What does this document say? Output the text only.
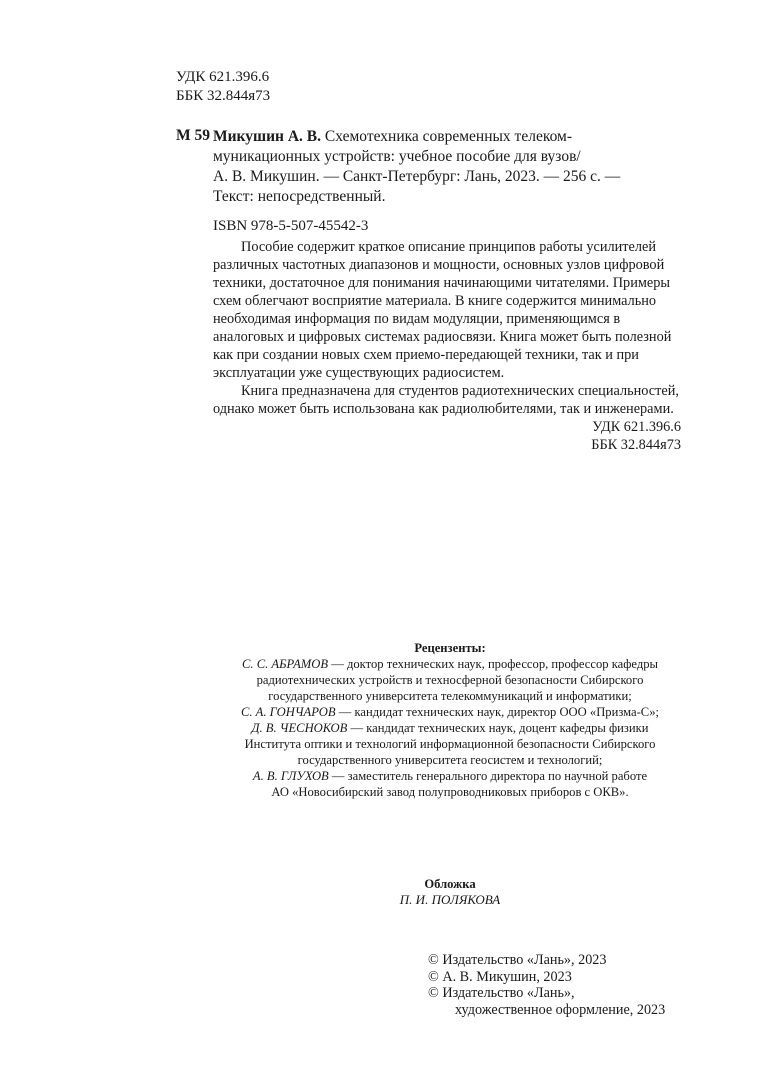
УДК 621.396.6
ББК 32.844я73
М 59 Микушин А. В. Схемотехника современных телеком-
муникационных устройств: учебное пособие для вузов/
А. В. Микушин. — Санкт-Петербург: Лань, 2023. — 256 с. —
Текст: непосредственный.
ISBN 978-5-507-45542-3
Пособие содержит краткое описание принципов работы усилителей
различных частотных диапазонов и мощности, основных узлов цифровой
техники, достаточное для понимания начинающими читателями. Примеры
схем облегчают восприятие материала. В книге содержится минимально
необходимая информация по видам модуляции, применяющимся в
аналоговых и цифровых системах радиосвязи. Книга может быть полезной
как при создании новых схем приемо-передающей техники, так и при
эксплуатации уже существующих радиосистем.
Книга предназначена для студентов радиотехнических специальностей,
однако может быть использована как радиолюбителями, так и инженерами.
УДК 621.396.6
ББК 32.844я73
Рецензенты:
С. С. АБРАМОВ — доктор технических наук, профессор, профессор кафедры
радиотехнических устройств и техносферной безопасности Сибирского
государственного университета телекоммуникаций и информатики;
С. А. ГОНЧАРОВ — кандидат технических наук, директор ООО «Призма-С»;
Д. В. ЧЕСНОКОВ — кандидат технических наук, доцент кафедры физики
Института оптики и технологий информационной безопасности Сибирского
государственного университета геосистем и технологий;
А. В. ГЛУХОВ — заместитель генерального директора по научной работе
АО «Новосибирский завод полупроводниковых приборов с ОКВ».
Обложка
П. И. ПОЛЯКОВА
© Издательство «Лань», 2023
© А. В. Микушин, 2023
© Издательство «Лань»,
художественное оформление, 2023
